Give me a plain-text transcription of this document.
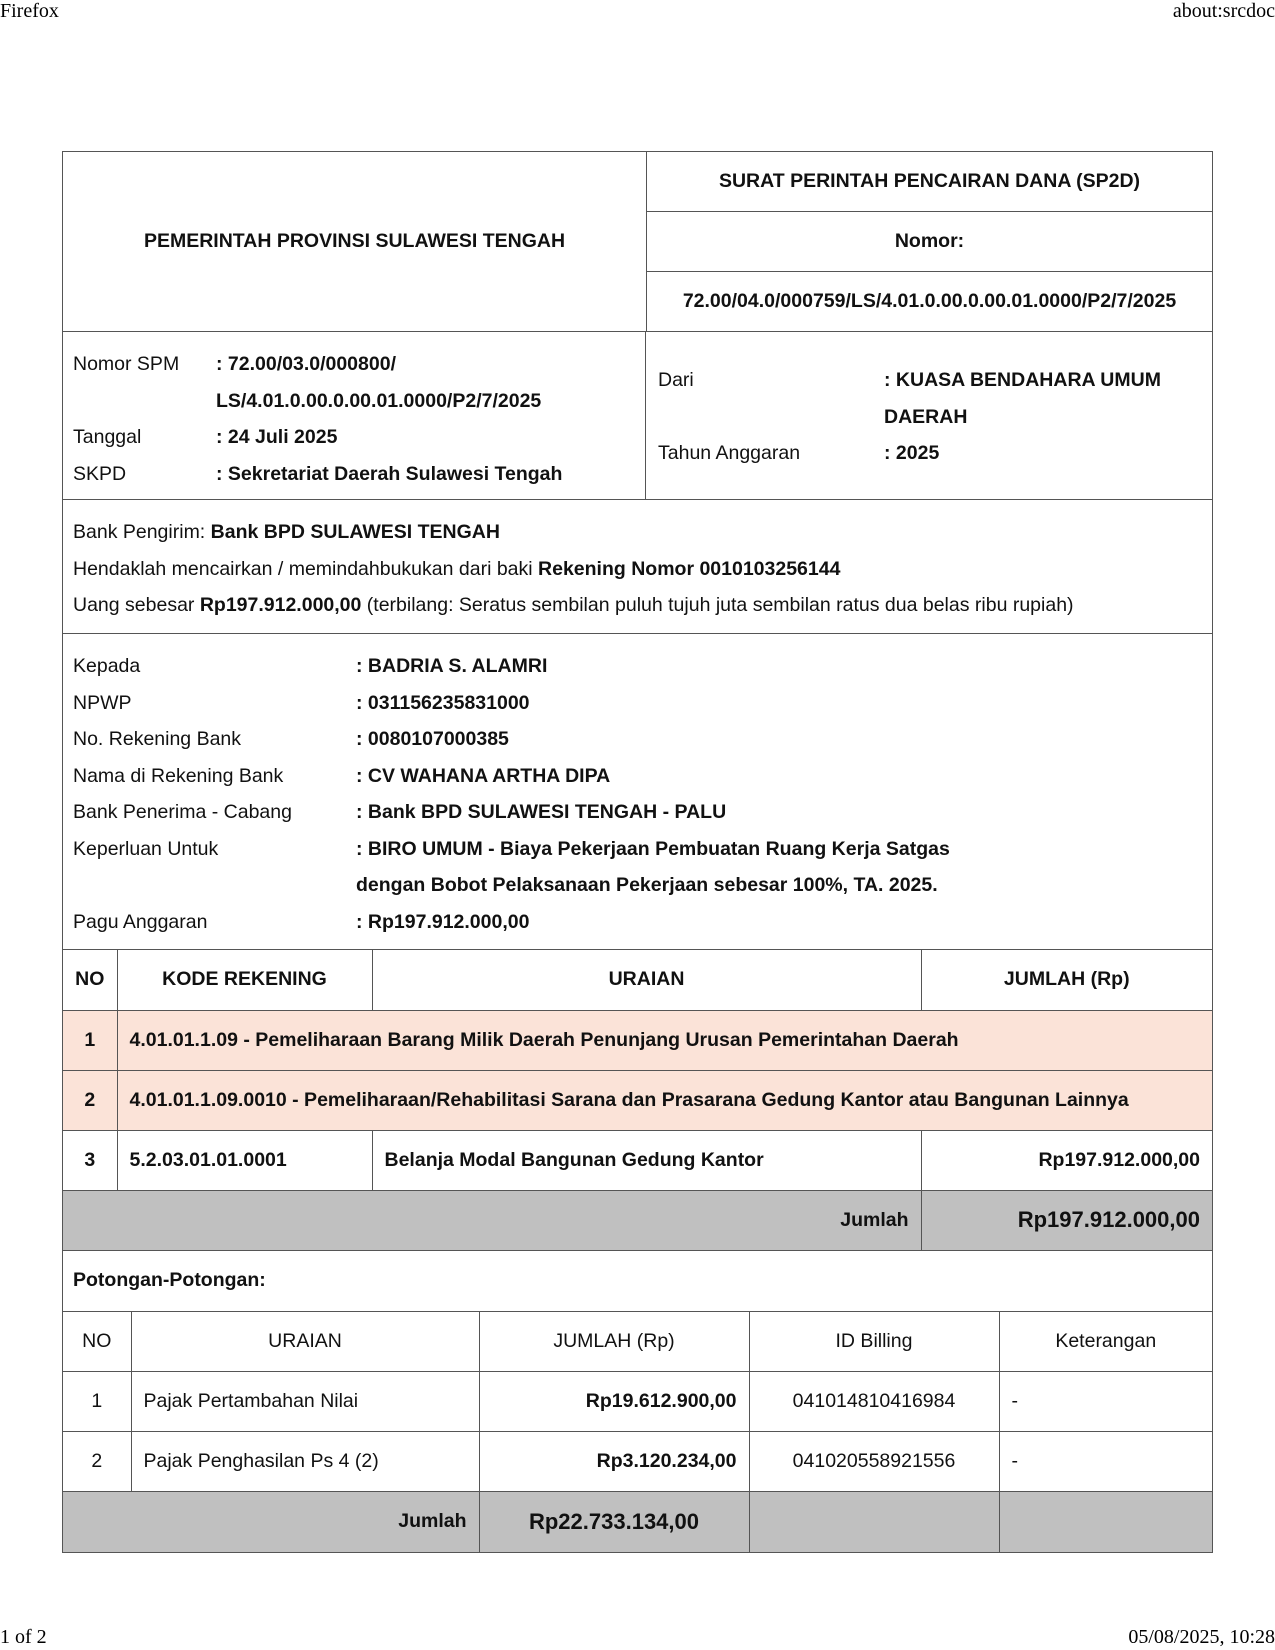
Firefox	about:srcdoc
PEMERINTAH PROVINSI SULAWESI TENGAH
SURAT PERINTAH PENCAIRAN DANA (SP2D)
Nomor:
72.00/04.0/000759/LS/4.01.0.00.0.00.01.0000/P2/7/2025
Nomor SPM	: 72.00/03.0/000800/
LS/4.01.0.00.0.00.01.0000/P2/7/2025
Tanggal	: 24 Juli 2025
SKPD	: Sekretariat Daerah Sulawesi Tengah
Dari	: KUASA BENDAHARA UMUM
DAERAH
Tahun Anggaran	: 2025
Bank Pengirim: Bank BPD SULAWESI TENGAH
Hendaklah mencairkan / memindahbukukan dari baki Rekening Nomor 0010103256144
Uang sebesar Rp197.912.000,00 (terbilang: Seratus sembilan puluh tujuh juta sembilan ratus dua belas ribu rupiah)
Kepada	: BADRIA S. ALAMRI
NPWP	: 031156235831000
No. Rekening Bank	: 0080107000385
Nama di Rekening Bank	: CV WAHANA ARTHA DIPA
Bank Penerima - Cabang	: Bank BPD SULAWESI TENGAH - PALU
Keperluan Untuk	: BIRO UMUM - Biaya Pekerjaan Pembuatan Ruang Kerja Satgas
dengan Bobot Pelaksanaan Pekerjaan sebesar 100%, TA. 2025.
Pagu Anggaran	: Rp197.912.000,00
NO	KODE REKENING	URAIAN	JUMLAH (Rp)
1	4.01.01.1.09 - Pemeliharaan Barang Milik Daerah Penunjang Urusan Pemerintahan Daerah		
2	4.01.01.1.09.0010 - Pemeliharaan/Rehabilitasi Sarana dan Prasarana Gedung Kantor atau Bangunan Lainnya		
3	5.2.03.01.01.0001	Belanja Modal Bangunan Gedung Kantor	Rp197.912.000,00
Jumlah			Rp197.912.000,00
Potongan-Potongan:
NO	URAIAN	JUMLAH (Rp)	ID Billing	Keterangan
1	Pajak Pertambahan Nilai	Rp19.612.900,00	041014810416984	-
2	Pajak Penghasilan Ps 4 (2)	Rp3.120.234,00	041020558921556	-
Jumlah		Rp22.733.134,00		
1 of 2	05/08/2025, 10:28
